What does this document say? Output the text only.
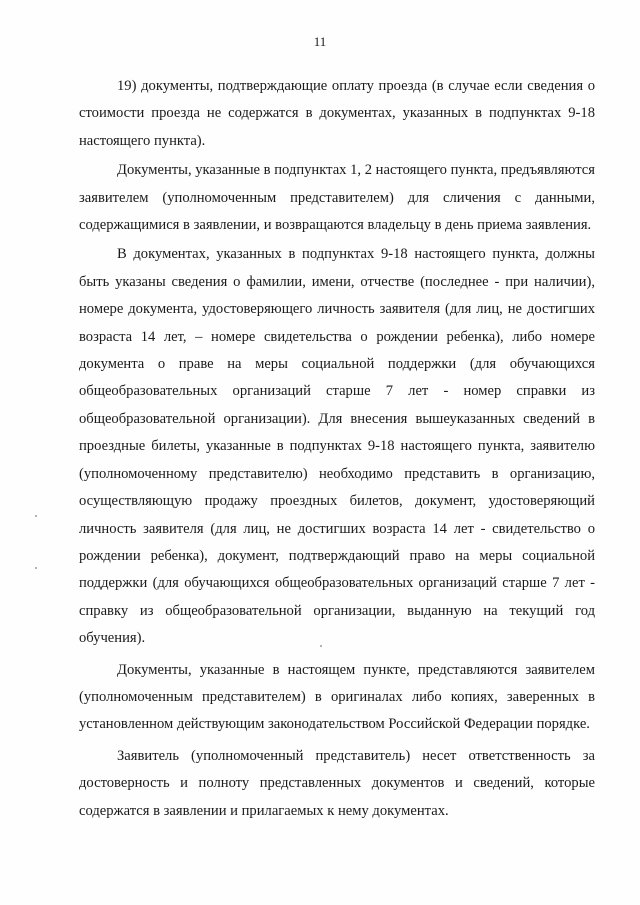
11

19) документы, подтверждающие оплату проезда (в случае если сведения о стоимости проезда не содержатся в документах, указанных в подпунктах 9-18 настоящего пункта).

Документы, указанные в подпунктах 1, 2 настоящего пункта, предъявляются заявителем (уполномоченным представителем) для сличения с данными, содержащимися в заявлении, и возвращаются владельцу в день приема заявления.

В документах, указанных в подпунктах 9-18 настоящего пункта, должны быть указаны сведения о фамилии, имени, отчестве (последнее - при наличии), номере документа, удостоверяющего личность заявителя (для лиц, не достигших возраста 14 лет, – номере свидетельства о рождении ребенка), либо номере документа о праве на меры социальной поддержки (для обучающихся общеобразовательных организаций старше 7 лет - номер справки из общеобразовательной организации). Для внесения вышеуказанных сведений в проездные билеты, указанные в подпунктах 9-18 настоящего пункта, заявителю (уполномоченному представителю) необходимо представить в организацию, осуществляющую продажу проездных билетов, документ, удостоверяющий личность заявителя (для лиц, не достигших возраста 14 лет - свидетельство о рождении ребенка), документ, подтверждающий право на меры социальной поддержки (для обучающихся общеобразовательных организаций старше 7 лет - справку из общеобразовательной организации, выданную на текущий год обучения).

Документы, указанные в настоящем пункте, представляются заявителем (уполномоченным представителем) в оригиналах либо копиях, заверенных в установленном действующим законодательством Российской Федерации порядке.

Заявитель (уполномоченный представитель) несет ответственность за достоверность и полноту представленных документов и сведений, которые содержатся в заявлении и прилагаемых к нему документах.
